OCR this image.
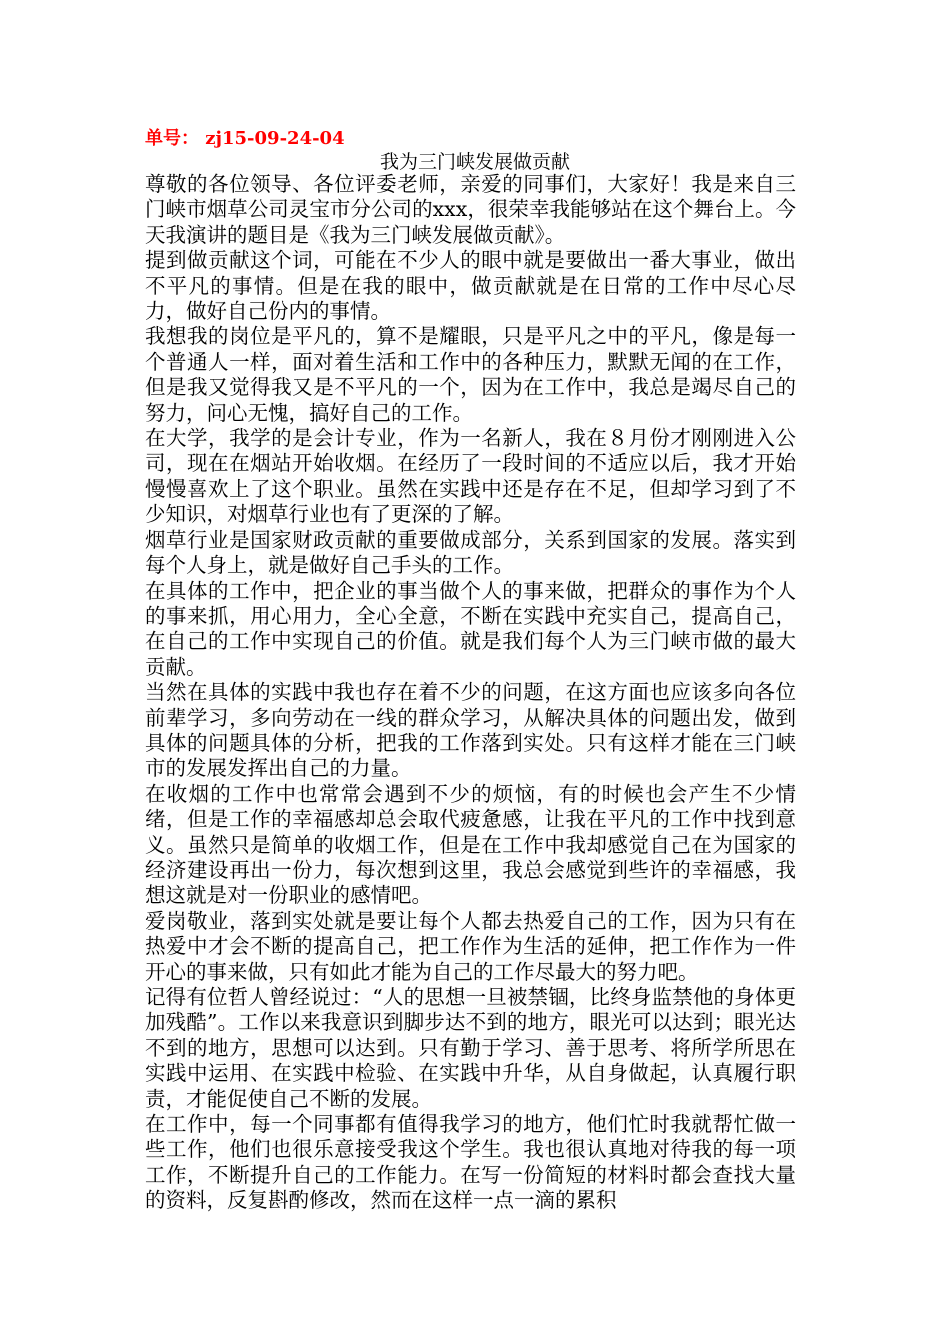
单号： zj15-09-24-04
我为三门峡发展做贡献

尊敬的各位领导、各位评委老师，亲爱的同事们，大家好！我是来自三门峡市烟草公司灵宝市分公司的xxx，很荣幸我能够站在这个舞台上。今天我演讲的题目是《我为三门峡发展做贡献》。

提到做贡献这个词，可能在不少人的眼中就是要做出一番大事业，做出不平凡的事情。但是在我的眼中，做贡献就是在日常的工作中尽心尽力，做好自己份内的事情。

我想我的岗位是平凡的，算不是耀眼，只是平凡之中的平凡，像是每一个普通人一样，面对着生活和工作中的各种压力，默默无闻的在工作，但是我又觉得我又是不平凡的一个，因为在工作中，我总是竭尽自己的努力，问心无愧，搞好自己的工作。

在大学，我学的是会计专业，作为一名新人，我在８月份才刚刚进入公司，现在在烟站开始收烟。在经历了一段时间的不适应以后，我才开始慢慢喜欢上了这个职业。虽然在实践中还是存在不足，但却学习到了不少知识，对烟草行业也有了更深的了解。

烟草行业是国家财政贡献的重要做成部分，关系到国家的发展。落实到每个人身上，就是做好自己手头的工作。

在具体的工作中，把企业的事当做个人的事来做，把群众的事作为个人的事来抓，用心用力，全心全意，不断在实践中充实自己，提高自己，在自己的工作中实现自己的价值。就是我们每个人为三门峡市做的最大贡献。

当然在具体的实践中我也存在着不少的问题，在这方面也应该多向各位前辈学习，多向劳动在一线的群众学习，从解决具体的问题出发，做到具体的问题具体的分析，把我的工作落到实处。只有这样才能在三门峡市的发展发挥出自己的力量。

在收烟的工作中也常常会遇到不少的烦恼，有的时候也会产生不少情绪，但是工作的幸福感却总会取代疲惫感，让我在平凡的工作中找到意义。虽然只是简单的收烟工作，但是在工作中我却感觉自己在为国家的经济建设再出一份力，每次想到这里，我总会感觉到些许的幸福感，我想这就是对一份职业的感情吧。

爱岗敬业，落到实处就是要让每个人都去热爱自己的工作，因为只有在热爱中才会不断的提高自己，把工作作为生活的延伸，把工作作为一件开心的事来做，只有如此才能为自己的工作尽最大的努力吧。

记得有位哲人曾经说过：“人的思想一旦被禁锢，比终身监禁他的身体更加残酷”。工作以来我意识到脚步达不到的地方，眼光可以达到；眼光达不到的地方，思想可以达到。只有勤于学习、善于思考、将所学所思在实践中运用、在实践中检验、在实践中升华，从自身做起，认真履行职责，才能促使自己不断的发展。

在工作中，每一个同事都有值得我学习的地方，他们忙时我就帮忙做一些工作，他们也很乐意接受我这个学生。我也很认真地对待我的每一项工作，不断提升自己的工作能力。在写一份简短的材料时都会查找大量的资料，反复斟酌修改，然而在这样一点一滴的累积
